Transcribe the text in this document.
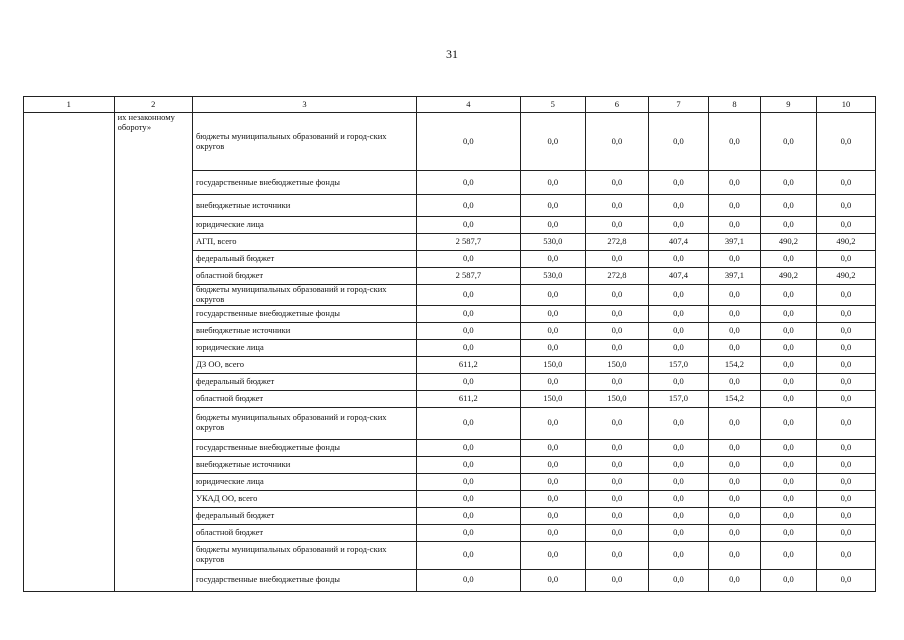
31
1	2	3	4	5	6	7	8	9	10
	их незаконному обороту»	бюджеты муниципальных образований и город-ских округов	0,0	0,0	0,0	0,0	0,0	0,0	0,0
		государственные внебюджетные фонды	0,0	0,0	0,0	0,0	0,0	0,0	0,0
		внебюджетные источники	0,0	0,0	0,0	0,0	0,0	0,0	0,0
		юридические лица	0,0	0,0	0,0	0,0	0,0	0,0	0,0
		АГП, всего	2 587,7	530,0	272,8	407,4	397,1	490,2	490,2
		федеральный бюджет	0,0	0,0	0,0	0,0	0,0	0,0	0,0
		областной бюджет	2 587,7	530,0	272,8	407,4	397,1	490,2	490,2
		бюджеты муниципальных образований и город-ских округов	0,0	0,0	0,0	0,0	0,0	0,0	0,0
		государственные внебюджетные фонды	0,0	0,0	0,0	0,0	0,0	0,0	0,0
		внебюджетные источники	0,0	0,0	0,0	0,0	0,0	0,0	0,0
		юридические лица	0,0	0,0	0,0	0,0	0,0	0,0	0,0
		ДЗ ОО, всего	611,2	150,0	150,0	157,0	154,2	0,0	0,0
		федеральный бюджет	0,0	0,0	0,0	0,0	0,0	0,0	0,0
		областной бюджет	611,2	150,0	150,0	157,0	154,2	0,0	0,0
		бюджеты муниципальных образований и город-ских округов	0,0	0,0	0,0	0,0	0,0	0,0	0,0
		государственные внебюджетные фонды	0,0	0,0	0,0	0,0	0,0	0,0	0,0
		внебюджетные источники	0,0	0,0	0,0	0,0	0,0	0,0	0,0
		юридические лица	0,0	0,0	0,0	0,0	0,0	0,0	0,0
		УКАД ОО, всего	0,0	0,0	0,0	0,0	0,0	0,0	0,0
		федеральный бюджет	0,0	0,0	0,0	0,0	0,0	0,0	0,0
		областной бюджет	0,0	0,0	0,0	0,0	0,0	0,0	0,0
		бюджеты муниципальных образований и город-ских округов	0,0	0,0	0,0	0,0	0,0	0,0	0,0
		государственные внебюджетные фонды	0,0	0,0	0,0	0,0	0,0	0,0	0,0
